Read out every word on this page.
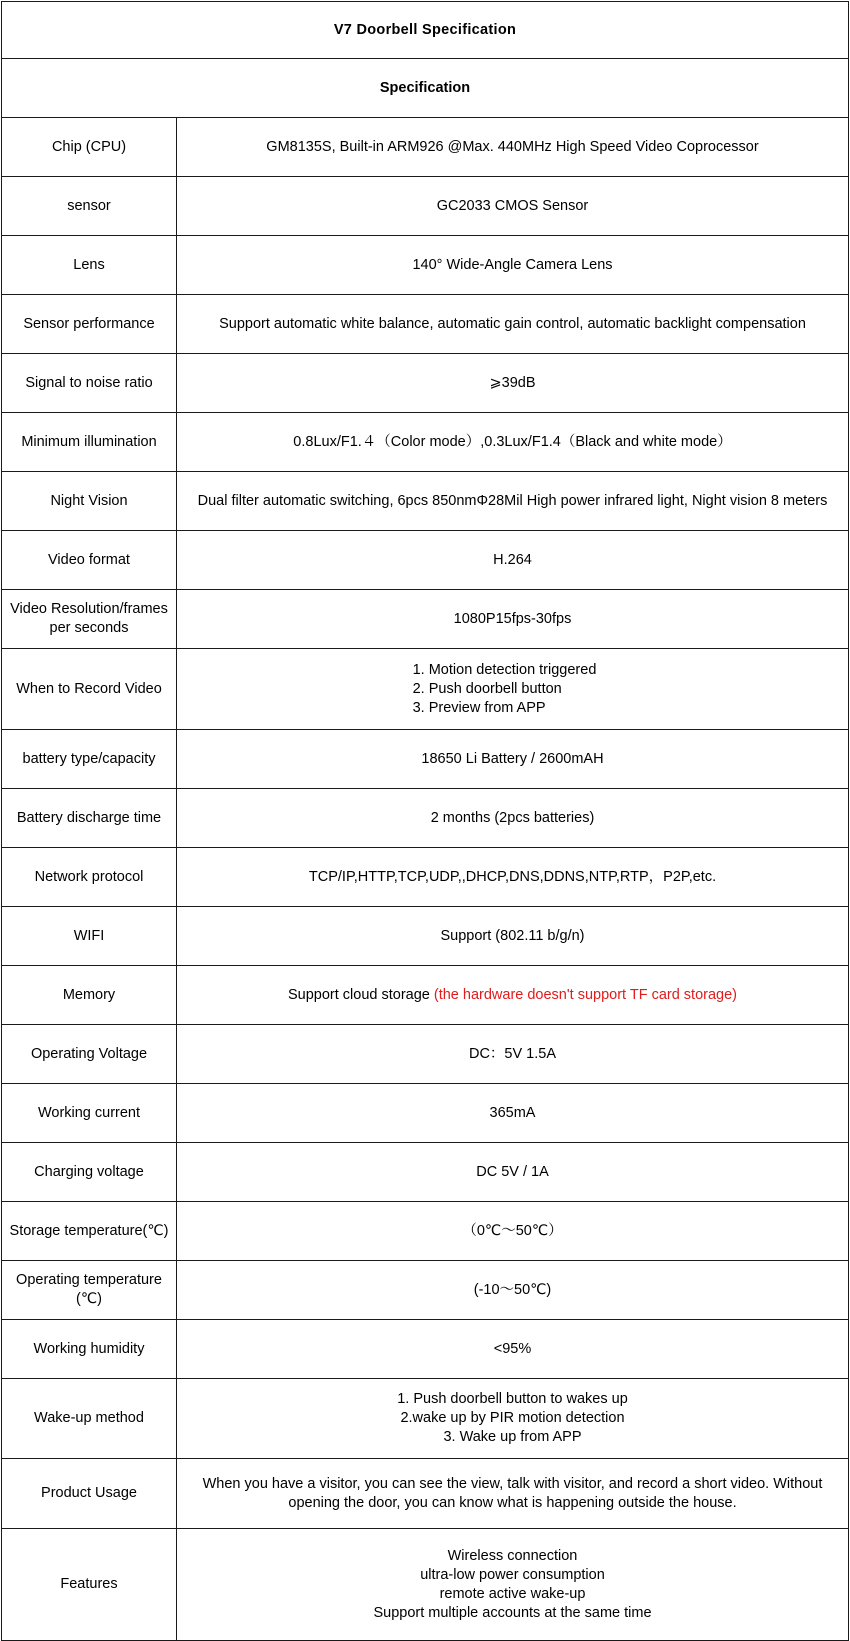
V7 Doorbell Specification	
Specification	
Chip (CPU)	GM8135S, Built-in ARM926 @Max. 440MHz High Speed Video Coprocessor
sensor	GC2033 CMOS Sensor
Lens	140° Wide-Angle Camera Lens
Sensor performance	Support automatic white balance, automatic gain control, automatic backlight compensation
Signal to noise ratio	⩾39dB
Minimum illumination	0.8Lux/F1.４（Color mode）,0.3Lux/F1.4（Black and white mode）
Night Vision	Dual filter automatic switching, 6pcs 850nmΦ28Mil High power infrared light, Night vision 8 meters
Video format	H.264
Video Resolution/frames per seconds	1080P15fps-30fps
When to Record Video	1. Motion detection triggered
2. Push doorbell button
3. Preview from APP

battery type/capacity	18650 Li Battery / 2600mAH
Battery discharge time	2 months (2pcs batteries)
Network protocol	TCP/IP,HTTP,TCP,UDP,,DHCP,DNS,DDNS,NTP,RTP，P2P,etc.
WIFI	Support (802.11 b/g/n)
Memory	Support cloud storage (the hardware doesn't support TF card storage)
Operating Voltage	DC：5V 1.5A
Working current	365mA
Charging voltage	DC 5V / 1A
Storage temperature(℃)	（0℃～50℃）
Operating temperature (℃)	(-10～50℃)
Working humidity	<95%
Wake-up method	1. Push doorbell button to wakes up
2.wake up by PIR motion detection
3. Wake up from APP

Product Usage	When you have a visitor, you can see the view, talk with visitor, and record a short video. Without opening the door, you can know what is happening outside the house.
Features	Wireless connection
ultra-low power consumption
remote active wake-up
Support multiple accounts at the same time
